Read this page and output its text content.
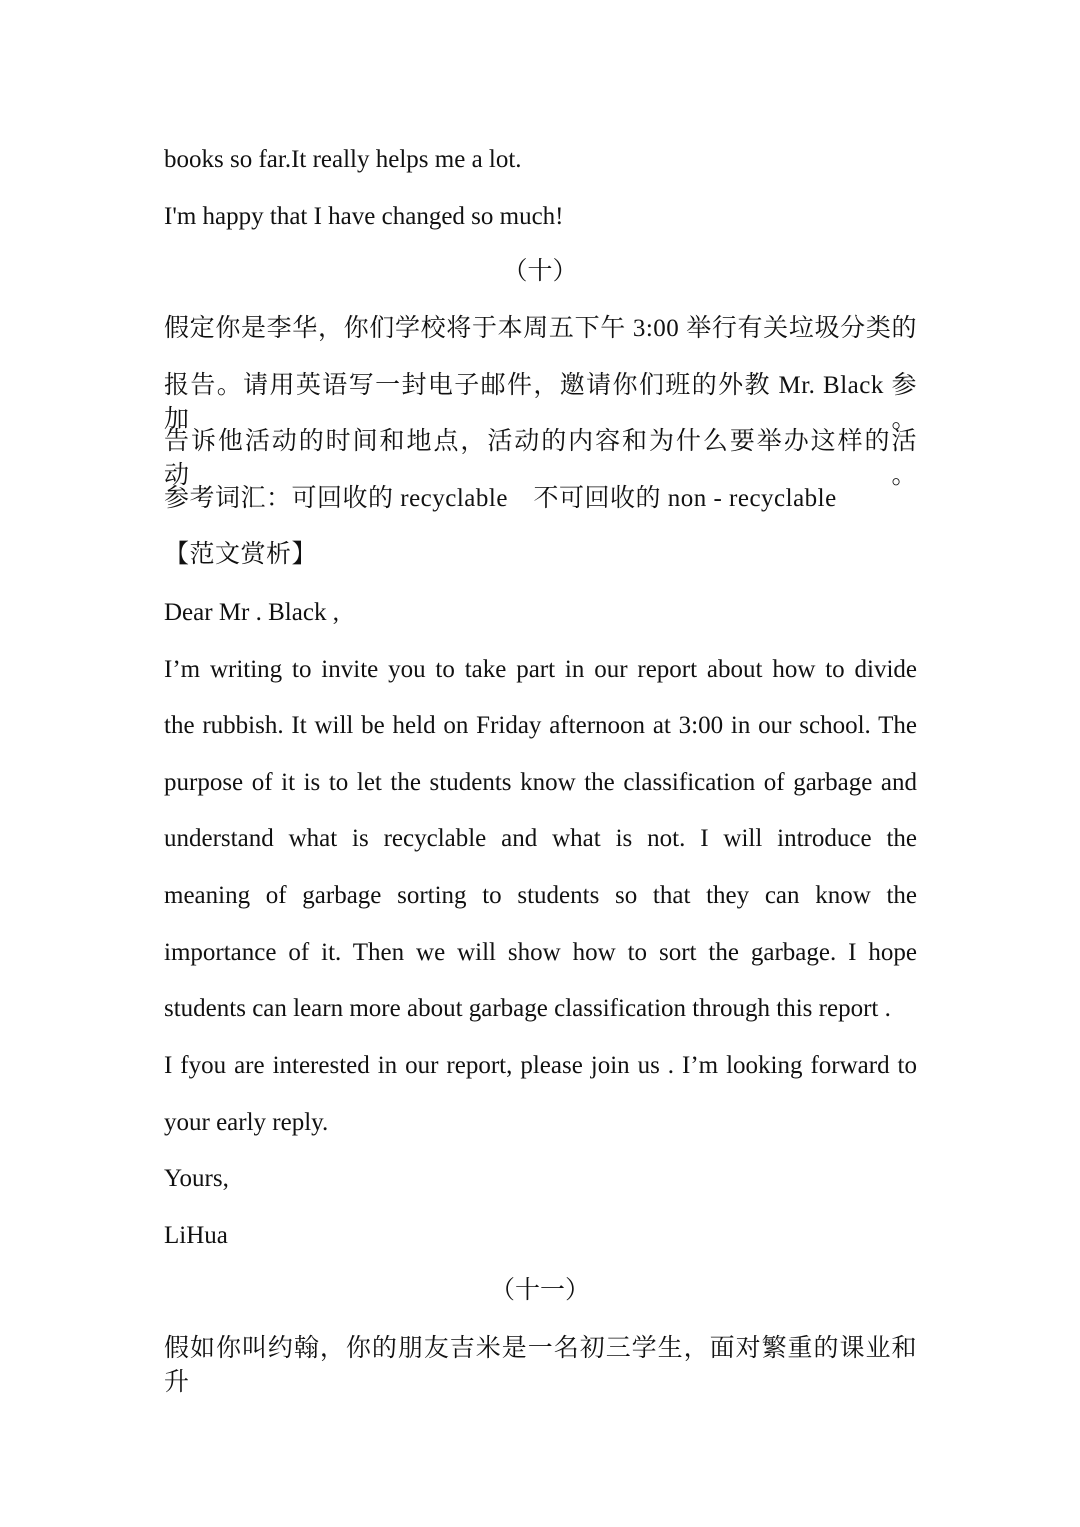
books so far.It really helps me a lot.
I'm happy that I have changed so much!
（十）
假定你是李华，你们学校将于本周五下午 3:00 举行有关垃圾分类的
报告。请用英语写一封电子邮件，邀请你们班的外教 Mr. Black 参加。
告诉他活动的时间和地点，活动的内容和为什么要举办这样的活动。
参考词汇：可回收的 recyclable　不可回收的 non - recyclable
【范文赏析】
Dear Mr . Black ,
I’m writing to invite you to take part in our report about how to divide
the rubbish. It will be held on Friday afternoon at 3:00 in our school. The
purpose of it is to let the students know the classification of garbage and
understand what is recyclable and what is not. I will introduce the
meaning of garbage sorting to students so that they can know the
importance of it. Then we will show how to sort the garbage. I hope
students can learn more about garbage classification through this report .
I fyou are interested in our report, please join us . I’m looking forward to
your early reply.
Yours,
LiHua
（十一）
假如你叫约翰，你的朋友吉米是一名初三学生，面对繁重的课业和升
